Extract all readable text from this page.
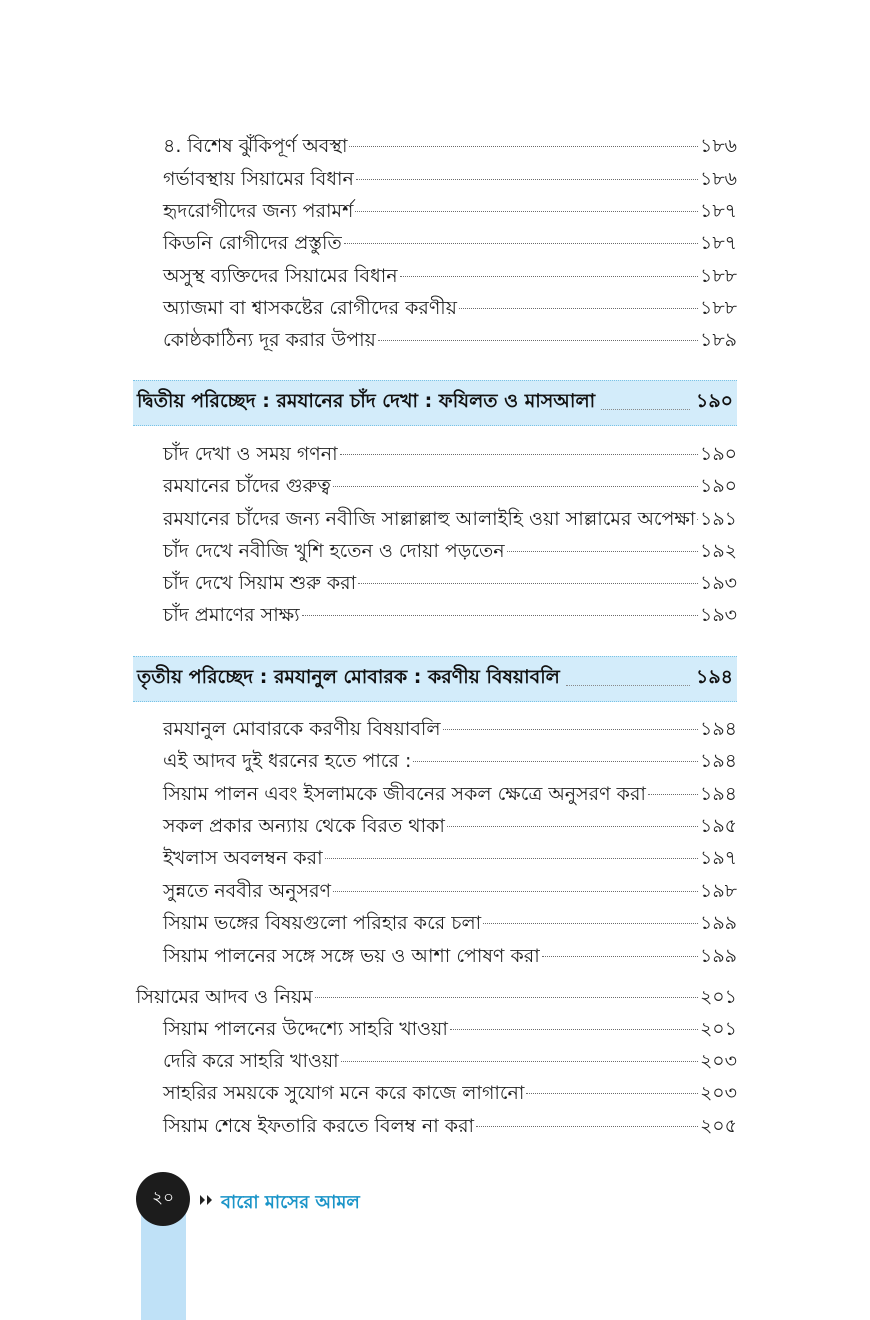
৪. বিশেষ ঝুঁকিপূর্ণ অবস্থা	১৮৬
গর্ভাবস্থায় সিয়ামের বিধান	১৮৬
হৃদরোগীদের জন্য পরামর্শ	১৮৭
কিডনি রোগীদের প্রস্তুতি	১৮৭
অসুস্থ ব্যক্তিদের সিয়ামের বিধান	১৮৮
অ্যাজমা বা শ্বাসকষ্টের রোগীদের করণীয়	১৮৮
কোষ্ঠকাঠিন্য দূর করার উপায়	১৮৯
দ্বিতীয় পরিচ্ছেদ : রমযানের চাঁদ দেখা : ফযিলত ও মাসআলা	১৯০
চাঁদ দেখা ও সময় গণনা	১৯০
রমযানের চাঁদের গুরুত্ব	১৯০
রমযানের চাঁদের জন্য নবীজি সাল্লাল্লাহু আলাইহি ওয়া সাল্লামের অপেক্ষা ১৯১
চাঁদ দেখে নবীজি খুশি হতেন ও দোয়া পড়তেন	১৯২
চাঁদ দেখে সিয়াম শুরু করা	১৯৩
চাঁদ প্রমাণের সাক্ষ্য	১৯৩
তৃতীয় পরিচ্ছেদ : রমযানুল মোবারক : করণীয় বিষয়াবলি	১৯৪
রমযানুল মোবারকে করণীয় বিষয়াবলি	১৯৪
এই আদব দুই ধরনের হতে পারে :	১৯৪
সিয়াম পালন এবং ইসলামকে জীবনের সকল ক্ষেত্রে অনুসরণ করা	১৯৪
সকল প্রকার অন্যায় থেকে বিরত থাকা	১৯৫
ইখলাস অবলম্বন করা	১৯৭
সুন্নতে নববীর অনুসরণ	১৯৮
সিয়াম ভঙ্গের বিষয়গুলো পরিহার করে চলা	১৯৯
সিয়াম পালনের সঙ্গে সঙ্গে ভয় ও আশা পোষণ করা	১৯৯
সিয়ামের আদব ও নিয়ম	২০১
সিয়াম পালনের উদ্দেশ্যে সাহরি খাওয়া	২০১
দেরি করে সাহরি খাওয়া	২০৩
সাহরির সময়কে সুযোগ মনে করে কাজে লাগানো	২০৩
সিয়াম শেষে ইফতারি করতে বিলম্ব না করা	২০৫
২০	বারো মাসের আমল
